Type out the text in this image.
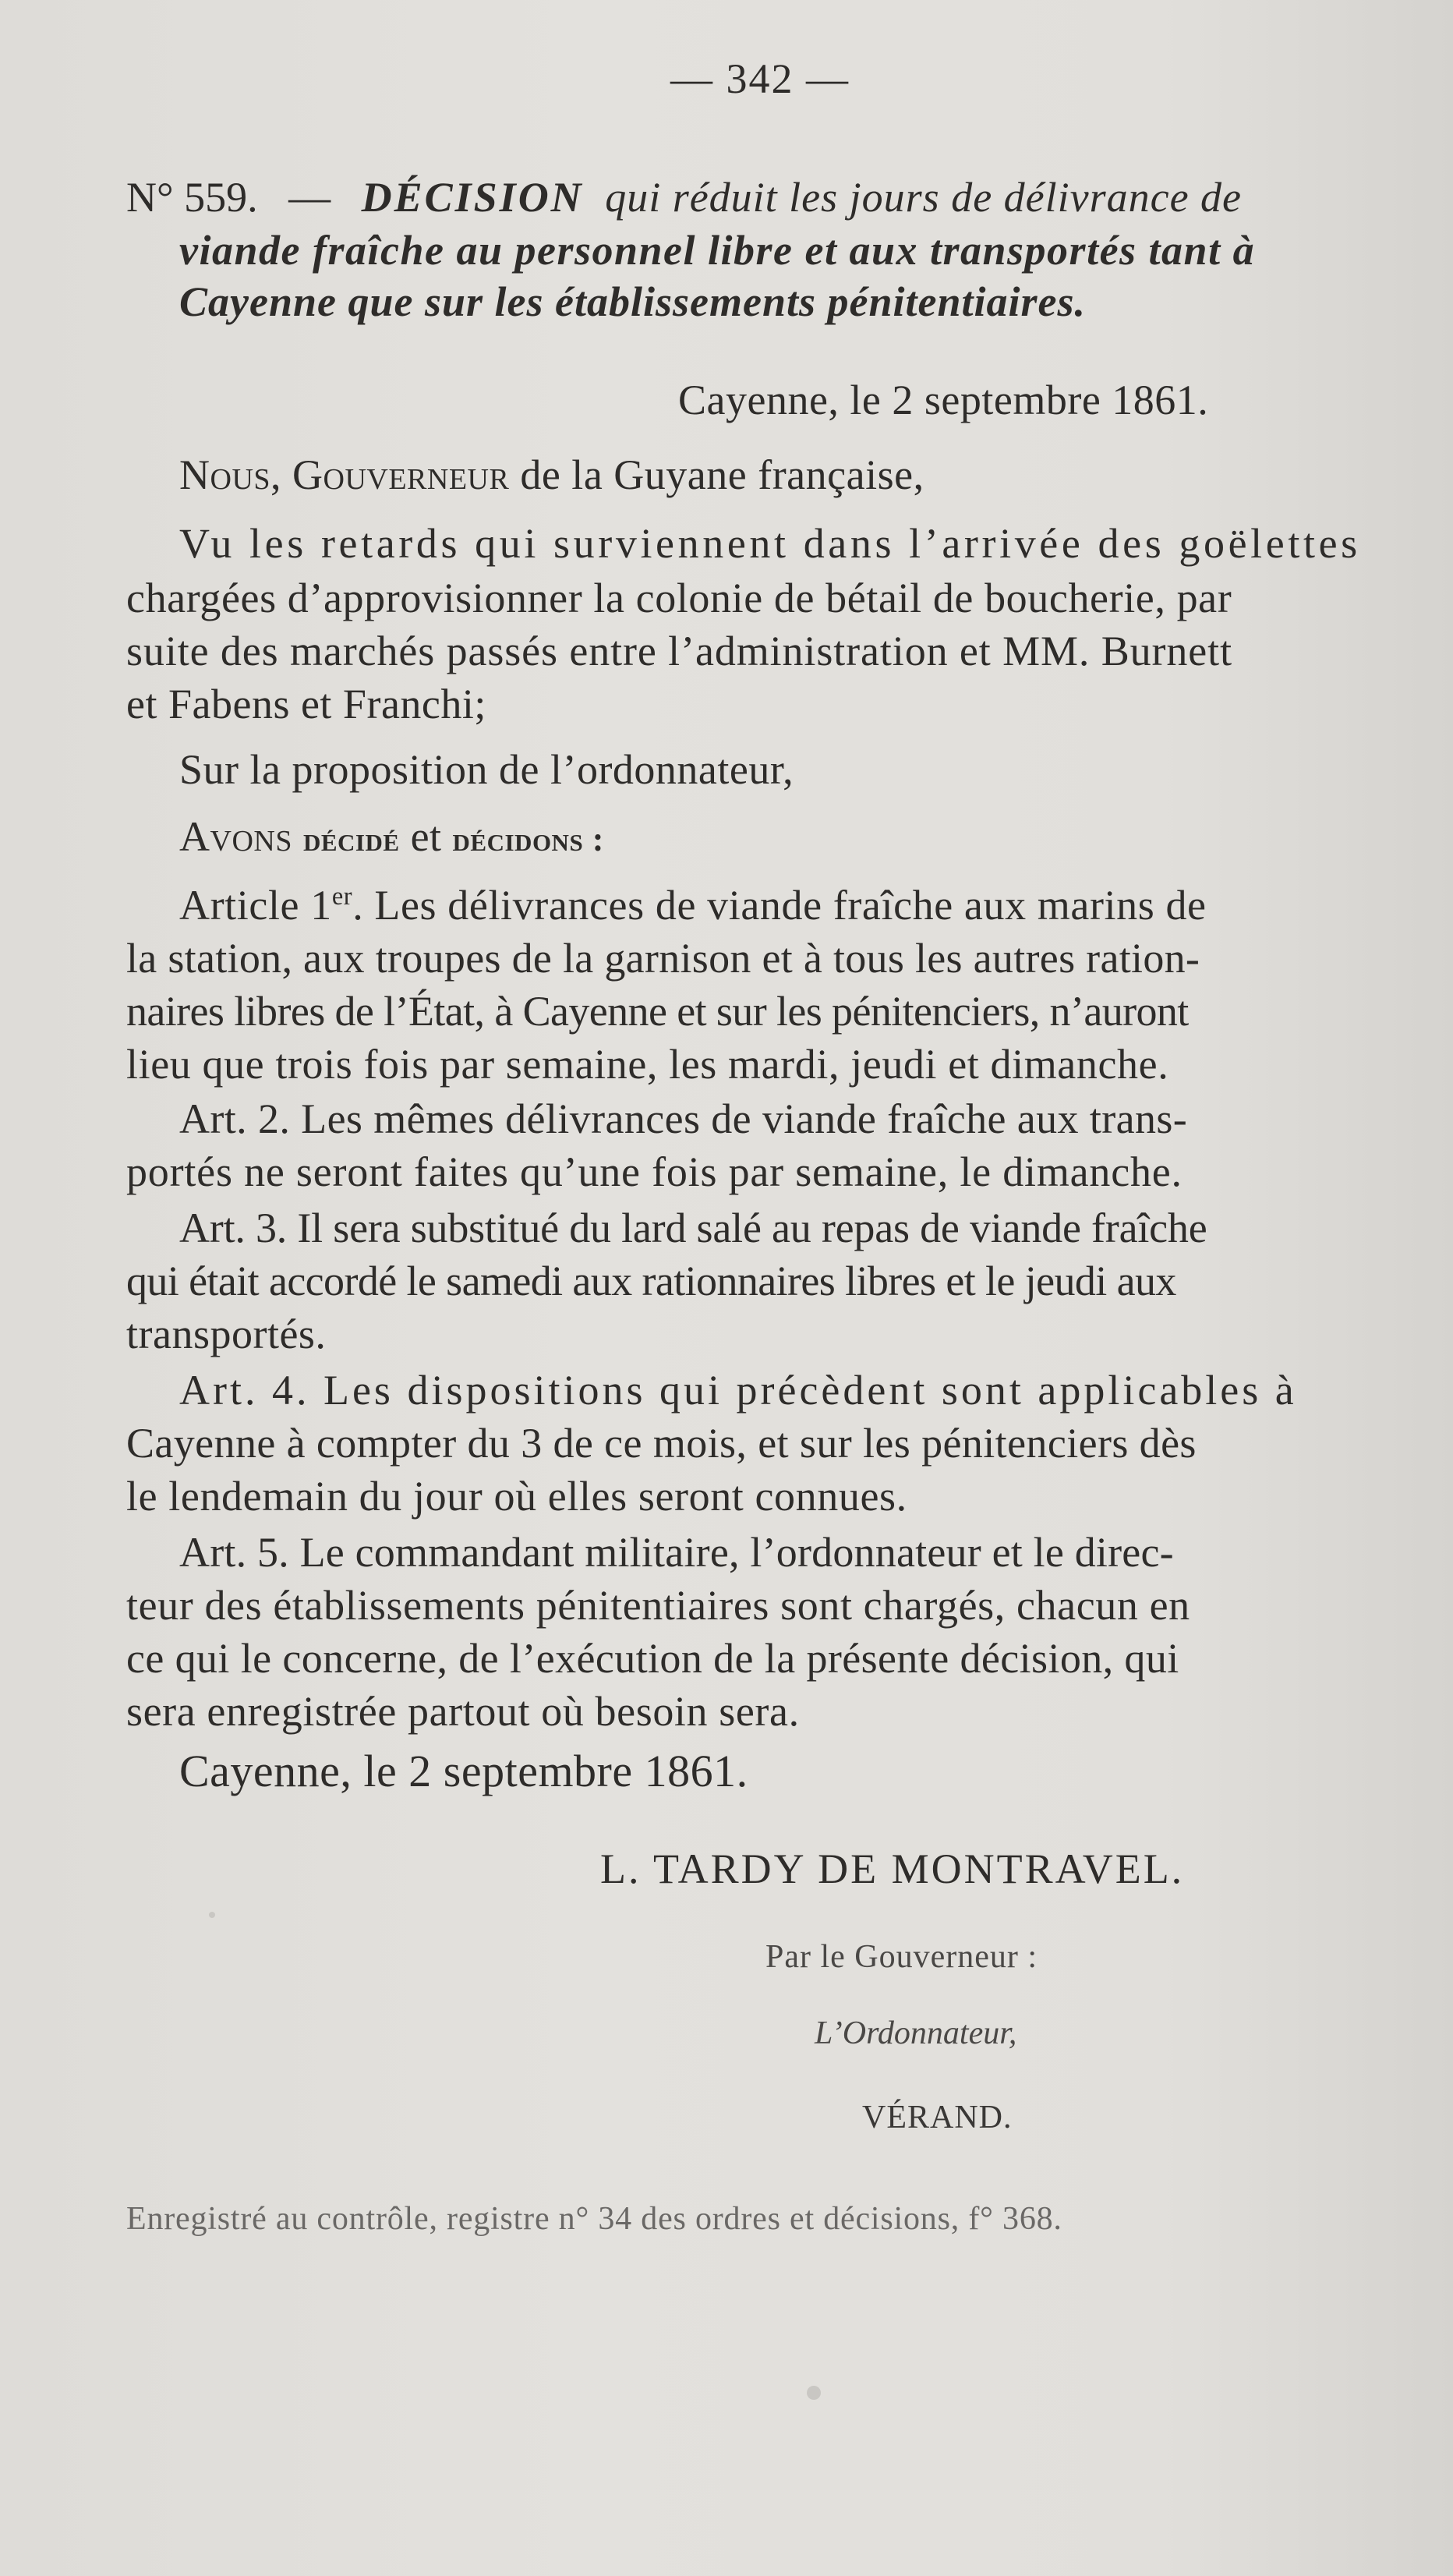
— 342 —
N° 559. — DÉCISION qui réduit les jours de délivrance de
viande fraîche au personnel libre et aux transportés tant à
Cayenne que sur les établissements pénitentiaires.
Cayenne, le 2 septembre 1861.
Nous, Gouverneur de la Guyane française,
Vu les retards qui surviennent dans l’arrivée des goëlettes
chargées d’approvisionner la colonie de bétail de boucherie, par
suite des marchés passés entre l’administration et MM. Burnett
et Fabens et Franchi;
Sur la proposition de l’ordonnateur,
Avons décidé et décidons :
Article 1er. Les délivrances de viande fraîche aux marins de
la station, aux troupes de la garnison et à tous les autres ration-
naires libres de l’État, à Cayenne et sur les pénitenciers, n’auront
lieu que trois fois par semaine, les mardi, jeudi et dimanche.
Art. 2. Les mêmes délivrances de viande fraîche aux trans-
portés ne seront faites qu’une fois par semaine, le dimanche.
Art. 3. Il sera substitué du lard salé au repas de viande fraîche
qui était accordé le samedi aux rationnaires libres et le jeudi aux
transportés.
Art. 4. Les dispositions qui précèdent sont applicables à
Cayenne à compter du 3 de ce mois, et sur les pénitenciers dès
le lendemain du jour où elles seront connues.
Art. 5. Le commandant militaire, l’ordonnateur et le direc-
teur des établissements pénitentiaires sont chargés, chacun en
ce qui le concerne, de l’exécution de la présente décision, qui
sera enregistrée partout où besoin sera.
Cayenne, le 2 septembre 1861.
L. TARDY DE MONTRAVEL.
Par le Gouverneur :
L’Ordonnateur,
VÉRAND.
Enregistré au contrôle, registre n° 34 des ordres et décisions, f° 368.
